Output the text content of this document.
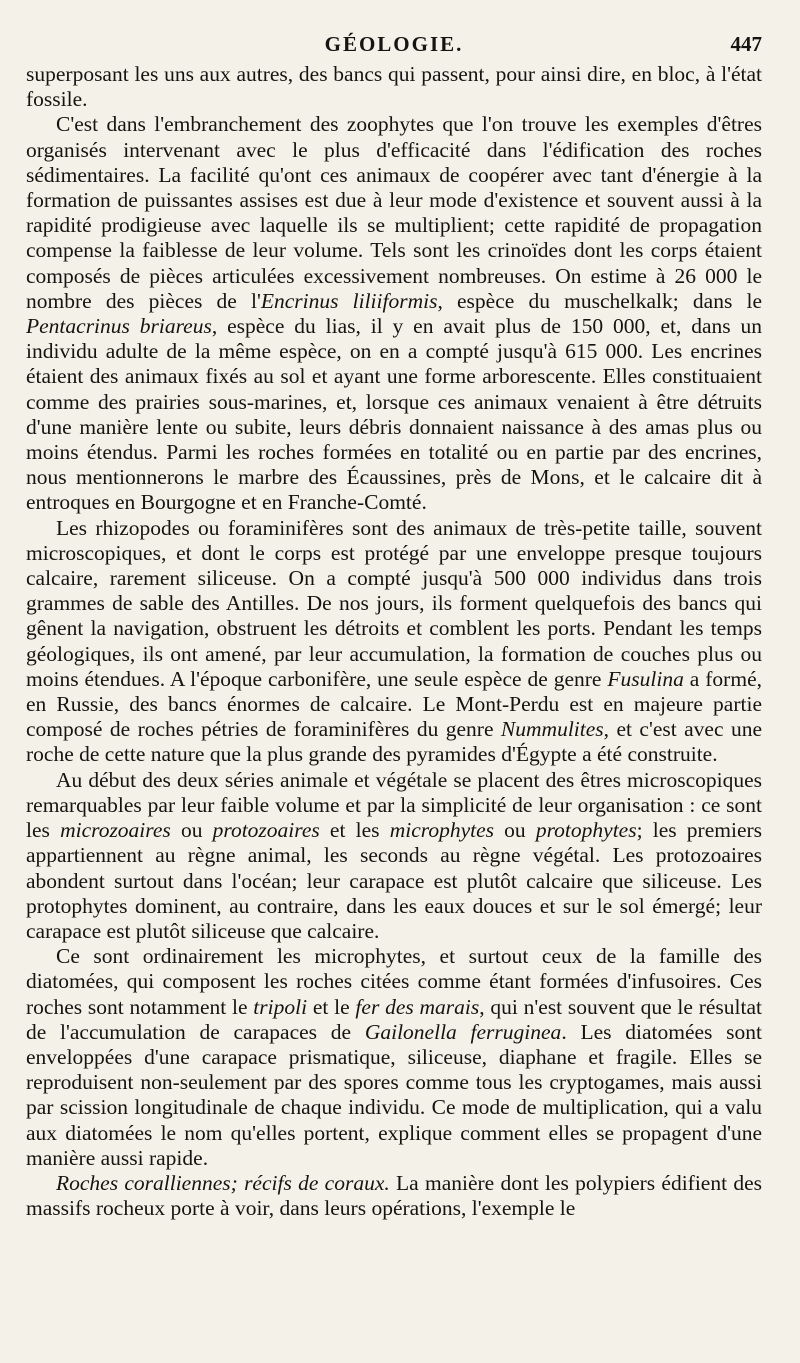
GÉOLOGIE.	447

superposant les uns aux autres, des bancs qui passent, pour ainsi dire, en bloc, à l'état fossile.

C'est dans l'embranchement des zoophytes que l'on trouve les exemples d'êtres organisés intervenant avec le plus d'efficacité dans l'édification des roches sédimentaires. La facilité qu'ont ces animaux de coopérer avec tant d'énergie à la formation de puissantes assises est due à leur mode d'existence et souvent aussi à la rapidité prodigieuse avec laquelle ils se multiplient; cette rapidité de propagation compense la faiblesse de leur volume. Tels sont les crinoïdes dont les corps étaient composés de pièces articulées excessivement nombreuses. On estime à 26 000 le nombre des pièces de l'Encrinus liliiformis, espèce du muschelkalk; dans le Pentacrinus briareus, espèce du lias, il y en avait plus de 150 000, et, dans un individu adulte de la même espèce, on en a compté jusqu'à 615 000. Les encrines étaient des animaux fixés au sol et ayant une forme arborescente. Elles constituaient comme des prairies sous-marines, et, lorsque ces animaux venaient à être détruits d'une manière lente ou subite, leurs débris donnaient naissance à des amas plus ou moins étendus. Parmi les roches formées en totalité ou en partie par des encrines, nous mentionnerons le marbre des Écaussines, près de Mons, et le calcaire dit à entroques en Bourgogne et en Franche-Comté.

Les rhizopodes ou foraminifères sont des animaux de très-petite taille, souvent microscopiques, et dont le corps est protégé par une enveloppe presque toujours calcaire, rarement siliceuse. On a compté jusqu'à 500 000 individus dans trois grammes de sable des Antilles. De nos jours, ils forment quelquefois des bancs qui gênent la navigation, obstruent les détroits et comblent les ports. Pendant les temps géologiques, ils ont amené, par leur accumulation, la formation de couches plus ou moins étendues. A l'époque carbonifère, une seule espèce de genre Fusulina a formé, en Russie, des bancs énormes de calcaire. Le Mont-Perdu est en majeure partie composé de roches pétries de foraminifères du genre Nummulites, et c'est avec une roche de cette nature que la plus grande des pyramides d'Égypte a été construite.

Au début des deux séries animale et végétale se placent des êtres microscopiques remarquables par leur faible volume et par la simplicité de leur organisation : ce sont les microzoaires ou protozoaires et les microphytes ou protophytes; les premiers appartiennent au règne animal, les seconds au règne végétal. Les protozoaires abondent surtout dans l'océan; leur carapace est plutôt calcaire que siliceuse. Les protophytes dominent, au contraire, dans les eaux douces et sur le sol émergé; leur carapace est plutôt siliceuse que calcaire.

Ce sont ordinairement les microphytes, et surtout ceux de la famille des diatomées, qui composent les roches citées comme étant formées d'infusoires. Ces roches sont notamment le tripoli et le fer des marais, qui n'est souvent que le résultat de l'accumulation de carapaces de Gailonella ferruginea. Les diatomées sont enveloppées d'une carapace prismatique, siliceuse, diaphane et fragile. Elles se reproduisent non-seulement par des spores comme tous les cryptogames, mais aussi par scission longitudinale de chaque individu. Ce mode de multiplication, qui a valu aux diatomées le nom qu'elles portent, explique comment elles se propagent d'une manière aussi rapide.

Roches coralliennes; récifs de coraux. La manière dont les polypiers édifient des massifs rocheux porte à voir, dans leurs opérations, l'exemple le
